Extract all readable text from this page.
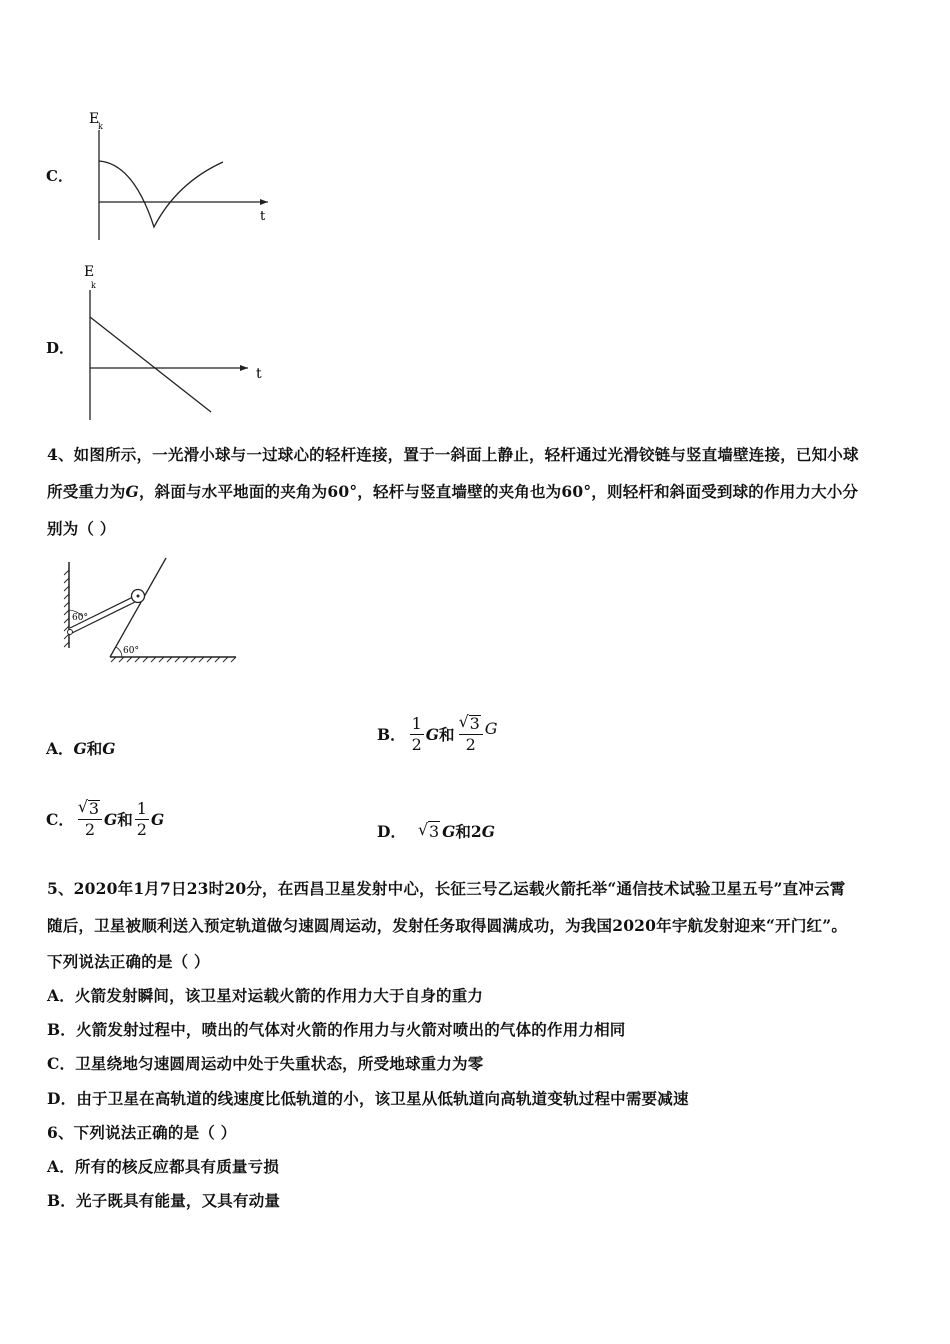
C．
E
k
t
D．
E
k
t
4、如图所示，一光滑小球与一过球心的轻杆连接，置于一斜面上静止，轻杆通过光滑铰链与竖直墙壁连接，已知小球
所受重力为G，斜面与水平地面的夹角为60°，轻杆与竖直墙壁的夹角也为60°，则轻杆和斜面受到球的作用力大小分
别为（ ）
60°
60°
A．G和G
B． $\frac{1}{2}$ G 和 √ $\frac{3}{2}$ G
C． √ $\frac{3}{2}$ G 和 $\frac{1}{2}$ G
D． √ 3 G 和 2 G
5、2020年1月7日23时20分，在西昌卫星发射中心，长征三号乙运载火箭托举“通信技术试验卫星五号”直冲云霄
随后，卫星被顺利送入预定轨道做匀速圆周运动，发射任务取得圆满成功，为我国2020年宇航发射迎来“开门红”。
下列说法正确的是（ ）
A．火箭发射瞬间，该卫星对运载火箭的作用力大于自身的重力
B．火箭发射过程中，喷出的气体对火箭的作用力与火箭对喷出的气体的作用力相同
C．卫星绕地匀速圆周运动中处于失重状态，所受地球重力为零
D．由于卫星在高轨道的线速度比低轨道的小，该卫星从低轨道向高轨道变轨过程中需要减速
6、下列说法正确的是（ ）
A．所有的核反应都具有质量亏损
B．光子既具有能量，又具有动量
